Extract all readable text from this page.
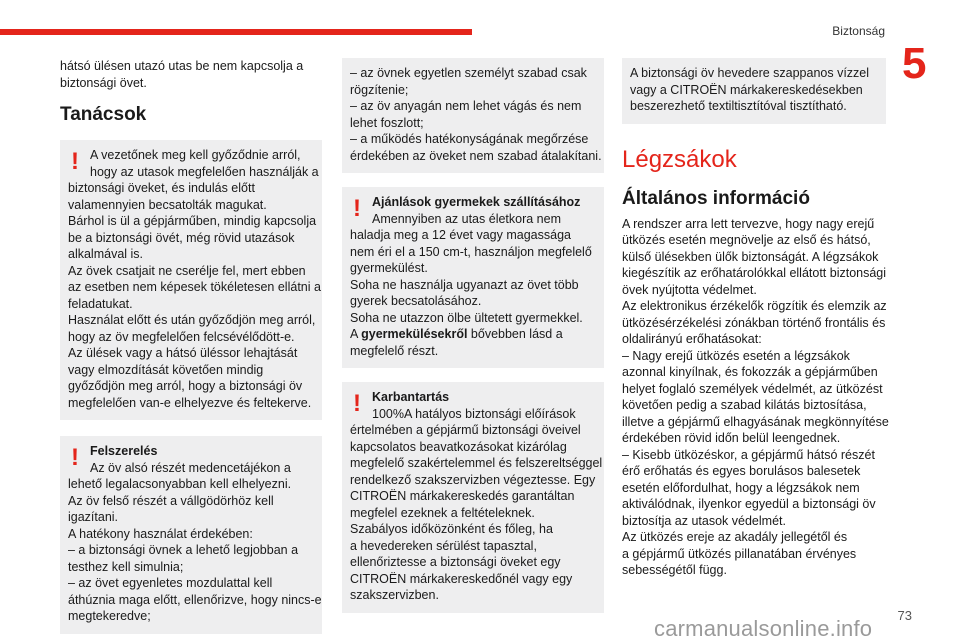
Biztonság
5
hátsó ülésen utazó utas be nem kapcsolja a
biztonsági övet.
Tanácsok
! A vezetőnek meg kell győződnie arról,
hogy az utasok megfelelően használják a
biztonsági öveket, és indulás előtt
valamennyien becsatolták magukat.
Bárhol is ül a gépjárműben, mindig kapcsolja
be a biztonsági övét, még rövid utazások
alkalmával is.
Az övek csatjait ne cserélje fel, mert ebben
az esetben nem képesek tökéletesen ellátni a
feladatukat.
Használat előtt és után győződjön meg arról,
hogy az öv megfelelően felcsévélődött-e.
Az ülések vagy a hátsó üléssor lehajtását
vagy elmozdítását követően mindig
győződjön meg arról, hogy a biztonsági öv
megfelelően van-e elhelyezve és feltekerve.
! Felszerelés
Az öv alsó részét medencetájékon a
lehető legalacsonyabban kell elhelyezni.
Az öv felső részét a vállgödörhöz kell
igazítani.
A hatékony használat érdekében:
– a biztonsági övnek a lehető legjobban a
testhez kell simulnia;
– az övet egyenletes mozdulattal kell
áthúznia maga előtt, ellenőrizve, hogy nincs-e
megtekeredve;
– az övnek egyetlen személyt szabad csak
rögzítenie;
– az öv anyagán nem lehet vágás és nem
lehet foszlott;
– a működés hatékonyságának megőrzése
érdekében az öveket nem szabad átalakítani.
! Ajánlások gyermekek szállításához
Amennyiben az utas életkora nem
haladja meg a 12 évet vagy magassága
nem éri el a 150 cm-t, használjon megfelelő
gyermekülést.
Soha ne használja ugyanazt az övet több
gyerek becsatolásához.
Soha ne utazzon ölbe ültetett gyermekkel.
A gyermekülésekről bővebben lásd a
megfelelő részt.
! Karbantartás
100%A hatályos biztonsági előírások
értelmében a gépjármű biztonsági öveivel
kapcsolatos beavatkozásokat kizárólag
megfelelő szakértelemmel és felszereltséggel
rendelkező szakszervizben végeztesse. Egy
CITROËN márkakereskedés garantáltan
megfelel ezeknek a feltételeknek.
Szabályos időközönként és főleg, ha
a hevedereken sérülést tapasztal,
ellenőriztesse a biztonsági öveket egy
CITROËN márkakereskedőnél vagy egy
szakszervizben.
A biztonsági öv hevedere szappanos vízzel
vagy a CITROËN márkakereskedésekben
beszerezhető textiltisztítóval tisztítható.
Légzsákok
Általános információ
A rendszer arra lett tervezve, hogy nagy erejű
ütközés esetén megnövelje az első és hátsó,
külső ülésekben ülők biztonságát. A légzsákok
kiegészítik az erőhatárolókkal ellátott biztonsági
övek nyújtotta védelmet.
Az elektronikus érzékelők rögzítik és elemzik az
ütközésérzékelési zónákban történő frontális és
oldalirányú erőhatásokat:
– Nagy erejű ütközés esetén a légzsákok
azonnal kinyílnak, és fokozzák a gépjárműben
helyet foglaló személyek védelmét, az ütközést
követően pedig a szabad kilátás biztosítása,
illetve a gépjármű elhagyásának megkönnyítése
érdekében rövid időn belül leengednek.
– Kisebb ütközéskor, a gépjármű hátsó részét
érő erőhatás és egyes borulásos balesetek
esetén előfordulhat, hogy a légzsákok nem
aktiválódnak, ilyenkor egyedül a biztonsági öv
biztosítja az utasok védelmét.
Az ütközés ereje az akadály jellegétől és
a gépjármű ütközés pillanatában érvényes
sebességétől függ.
carmanualsonline.info
73
